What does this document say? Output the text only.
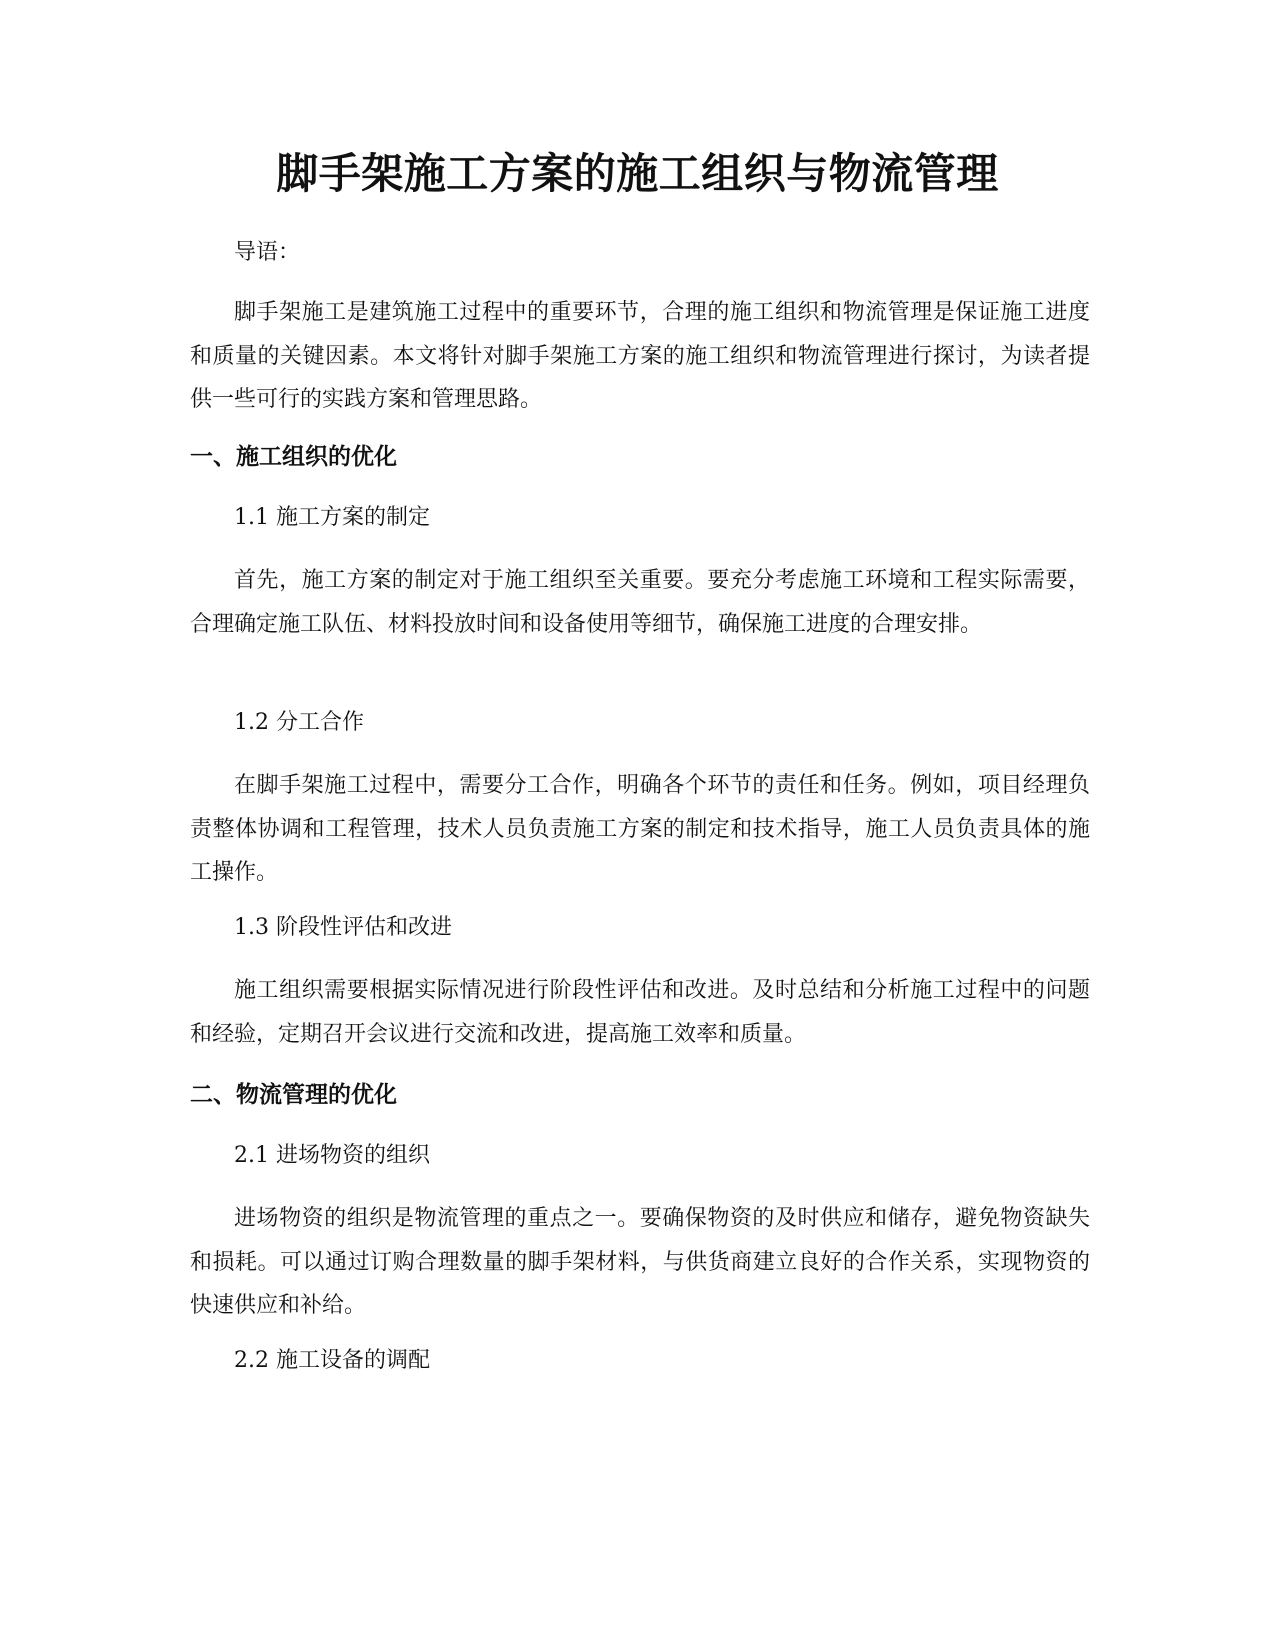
脚手架施工方案的施工组织与物流管理

导语：

脚手架施工是建筑施工过程中的重要环节，合理的施工组织和物流管理是保证施工进度和质量的关键因素。本文将针对脚手架施工方案的施工组织和物流管理进行探讨，为读者提供一些可行的实践方案和管理思路。

一、施工组织的优化

1.1 施工方案的制定

首先，施工方案的制定对于施工组织至关重要。要充分考虑施工环境和工程实际需要，合理确定施工队伍、材料投放时间和设备使用等细节，确保施工进度的合理安排。

1.2 分工合作

在脚手架施工过程中，需要分工合作，明确各个环节的责任和任务。例如，项目经理负责整体协调和工程管理，技术人员负责施工方案的制定和技术指导，施工人员负责具体的施工操作。

1.3 阶段性评估和改进

施工组织需要根据实际情况进行阶段性评估和改进。及时总结和分析施工过程中的问题和经验，定期召开会议进行交流和改进，提高施工效率和质量。

二、物流管理的优化

2.1 进场物资的组织

进场物资的组织是物流管理的重点之一。要确保物资的及时供应和储存，避免物资缺失和损耗。可以通过订购合理数量的脚手架材料，与供货商建立良好的合作关系，实现物资的快速供应和补给。

2.2 施工设备的调配
